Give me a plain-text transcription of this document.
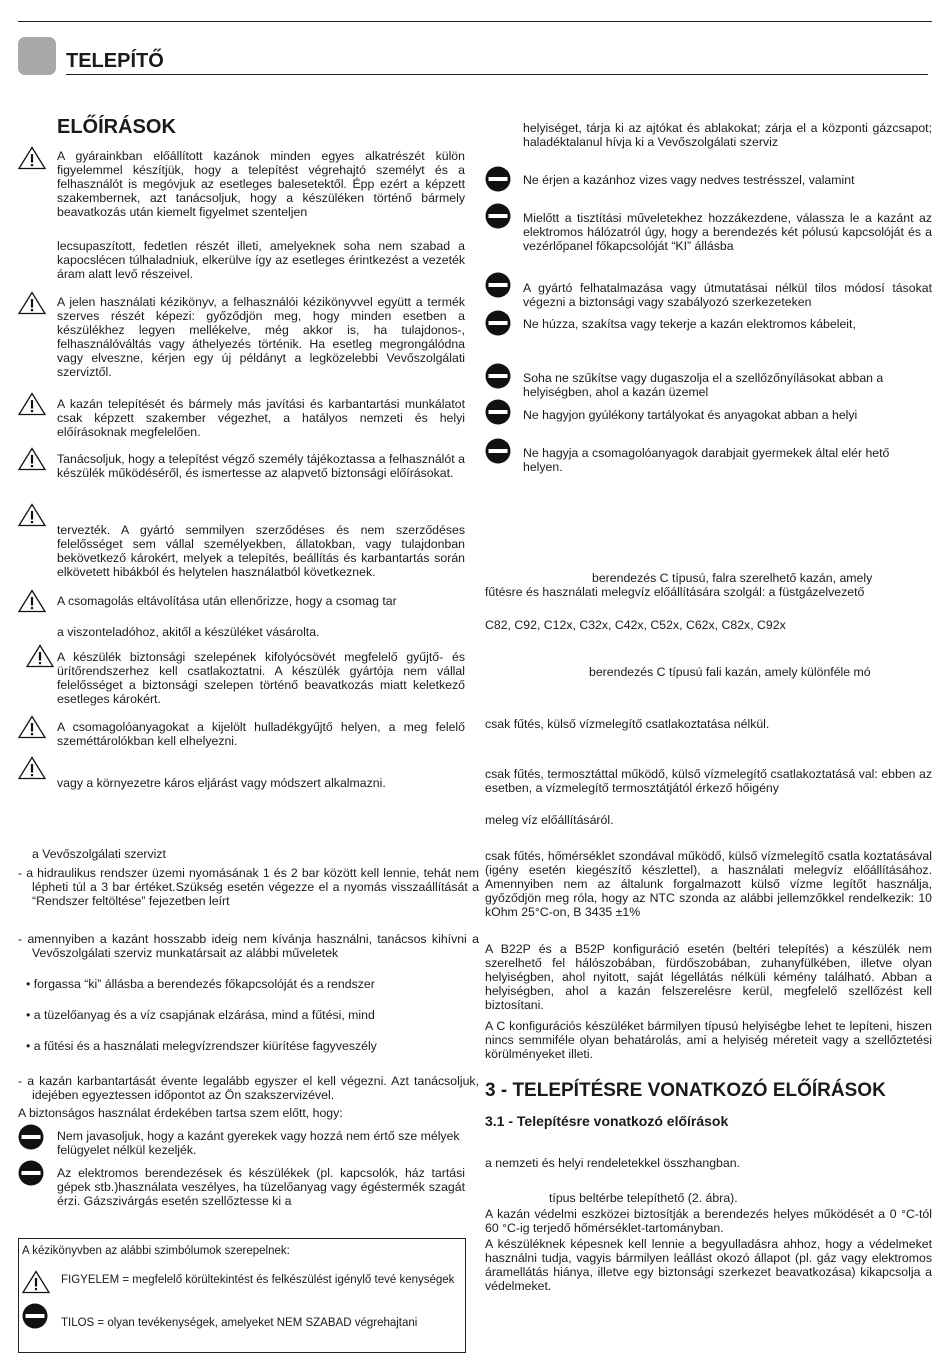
TELEPÍTŐ
ELŐÍRÁSOK
A gyárainkban előállított kazánok minden egyes alkatrészét külön figyelemmel készítjük, hogy a telepítést végrehajtó személyt és a felhasználót is megóvjuk az esetleges balesetektől. Épp ezért a képzett szakembernek, azt tanácsoljuk, hogy a készüléken történő bármely beavatkozás után kiemelt figyelmet szenteljen
lecsupaszított, fedetlen részét illeti, amelyeknek soha nem szabad a kapocslécen túlhaladniuk, elkerülve így az esetleges érintkezést a vezeték áram alatt levő részeivel.
A jelen használati kézikönyv, a felhasználói kézikönyvvel együtt a termék szerves részét képezi: győződjön meg, hogy minden esetben a készülékhez legyen mellékelve, még akkor is, ha tulajdonos-, felhasználóváltás vagy áthelyezés történik. Ha esetleg megrongálódna vagy elveszne, kérjen egy új példányt a legközelebbi Vevőszolgálati szerviztől.
A kazán telepítését és bármely más javítási és karbantartási munkálatot csak képzett szakember végezhet, a hatályos nemzeti és helyi előírásoknak megfelelően.
Tanácsoljuk, hogy a telepítést végző személy tájékoztassa a felhasználót a készülék működéséről, és ismertesse az alapvető biztonsági előírásokat.
tervezték. A gyártó semmilyen szerződéses és nem szerződéses felelősséget sem vállal személyekben, állatokban, vagy tulajdonban bekövetkező károkért, melyek a telepítés, beállítás és karbantartás során elkövetett hibákból és helytelen használatból következnek.
A csomagolás eltávolítása után ellenőrizze, hogy a csomag tar
a viszonteladóhoz, akitől a készüléket vásárolta.
A készülék biztonsági szelepének kifolyócsövét megfelelő gyűjtő- és ürítőrendszerhez kell csatlakoztatni. A készülék gyártója nem vállal felelősséget a biztonsági szelepen történő beavatkozás miatt keletkező esetleges károkért.
A csomagolóanyagokat a kijelölt hulladékgyűjtő helyen, a meg felelő szeméttárolókban kell elhelyezni.
vagy a környezetre káros eljárást vagy módszert alkalmazni.
a Vevőszolgálati szervizt
- a hidraulikus rendszer üzemi nyomásának 1 és 2 bar között kell lennie, tehát nem lépheti túl a 3 bar értéket.Szükség esetén végezze el a nyomás visszaállítását a “Rendszer feltöltése” fejezetben leírt
- amennyiben a kazánt hosszabb ideig nem kívánja használni, tanácsos kihívni a Vevőszolgálati szerviz munkatársait az alábbi műveletek
• forgassa “ki” állásba a berendezés főkapcsolóját és a rendszer
• a tüzelőanyag és a víz csapjának elzárása, mind a fűtési, mind
• a fűtési és a használati melegvízrendszer kiürítése fagyveszély
- a kazán karbantartását évente legalább egyszer el kell végezni. Azt tanácsoljuk, idejében egyeztessen időpontot az Ön szakszervizével.
A biztonságos használat érdekében tartsa szem előtt, hogy:
Nem javasoljuk, hogy a kazánt gyerekek vagy hozzá nem értő sze mélyek felügyelet nélkül kezeljék.
Az elektromos berendezések és készülékek (pl. kapcsolók, ház tartási gépek stb.)használata veszélyes, ha tüzelőanyag vagy égéstermék szagát érzi. Gázszivárgás esetén szellőztesse ki a
A kézikönyvben az alábbi szimbólumok szerepelnek:
FIGYELEM = megfelelő körültekintést és felkészülést igénylő tevé kenységek
TILOS = olyan tevékenységek, amelyeket NEM SZABAD végrehajtani
helyiséget, tárja ki az ajtókat és ablakokat; zárja el a központi gázcsapot; haladéktalanul hívja ki a Vevőszolgálati szerviz
Ne érjen a kazánhoz vizes vagy nedves testrésszel, valamint
Mielőtt a tisztítási műveletekhez hozzákezdene, válassza le a kazánt az elektromos hálózatról úgy, hogy a berendezés két pólusú kapcsolóját és a vezérlőpanel főkapcsolóját “KI” állásba
A gyártó felhatalmazása vagy útmutatásai nélkül tilos módosí tásokat végezni a biztonsági vagy szabályozó szerkezeteken
Ne húzza, szakítsa vagy tekerje a kazán elektromos kábeleit,
Soha ne szűkítse vagy dugaszolja el a szellőzőnyílásokat abban a helyiségben, ahol a kazán üzemel
Ne hagyjon gyúlékony tartályokat és anyagokat abban a helyi
Ne hagyja a csomagolóanyagok darabjait gyermekek által elér hető helyen.
berendezés C típusú, falra szerelhető kazán, amely
fűtésre és használati melegvíz előállítására szolgál: a füstgázelvezető
C82, C92, C12x, C32x, C42x, C52x, C62x, C82x, C92x
berendezés C típusú fali kazán, amely különféle mó
csak fűtés, külső vízmelegítő csatlakoztatása nélkül.
csak fűtés, termosztáttal működő, külső vízmelegítő csatlakoztatásá val: ebben az esetben, a vízmelegítő termosztátjától érkező hőigény
meleg víz előállításáról.
csak fűtés, hőmérséklet szondával működő, külső vízmelegítő csatla koztatásával (igény esetén kiegészítő készlettel), a használati melegvíz előállításához. Amennyiben nem az általunk forgalmazott külső vízme legítőt használja, győződjön meg róla, hogy az NTC szonda az alábbi jellemzőkkel rendelkezik: 10 kOhm 25°C-on, B 3435 ±1%
A B22P és a B52P konfiguráció esetén (beltéri telepítés) a készülék nem szerelhető fel hálószobában, fürdőszobában, zuhanyfülkében, illetve olyan helyiségben, ahol nyitott, saját légellátás nélküli kémény található. Abban a helyiségben, ahol a kazán felszerelésre kerül, megfelelő szellőzést kell biztosítani.
A C konfigurációs készüléket bármilyen típusú helyiségbe lehet te lepíteni, hiszen nincs semmiféle olyan behatárolás, ami a helyiség méreteit vagy a szellőztetési körülményeket illeti.
3 - TELEPÍTÉSRE VONATKOZÓ ELŐÍRÁSOK
3.1 - Telepítésre vonatkozó előírások
a nemzeti és helyi rendeletekkel összhangban.
típus beltérbe telepíthető (2. ábra).
A kazán védelmi eszközei biztosítják a berendezés helyes működését a 0 °C-tól 60 °C-ig terjedő hőmérséklet-tartományban.
A készüléknek képesnek kell lennie a begyulladásra ahhoz, hogy a védelmeket használni tudja, vagyis bármilyen leállást okozó állapot (pl. gáz vagy elektromos áramellátás hiánya, illetve egy biztonsági szerkezet beavatkozása) kikapcsolja a védelmeket.
